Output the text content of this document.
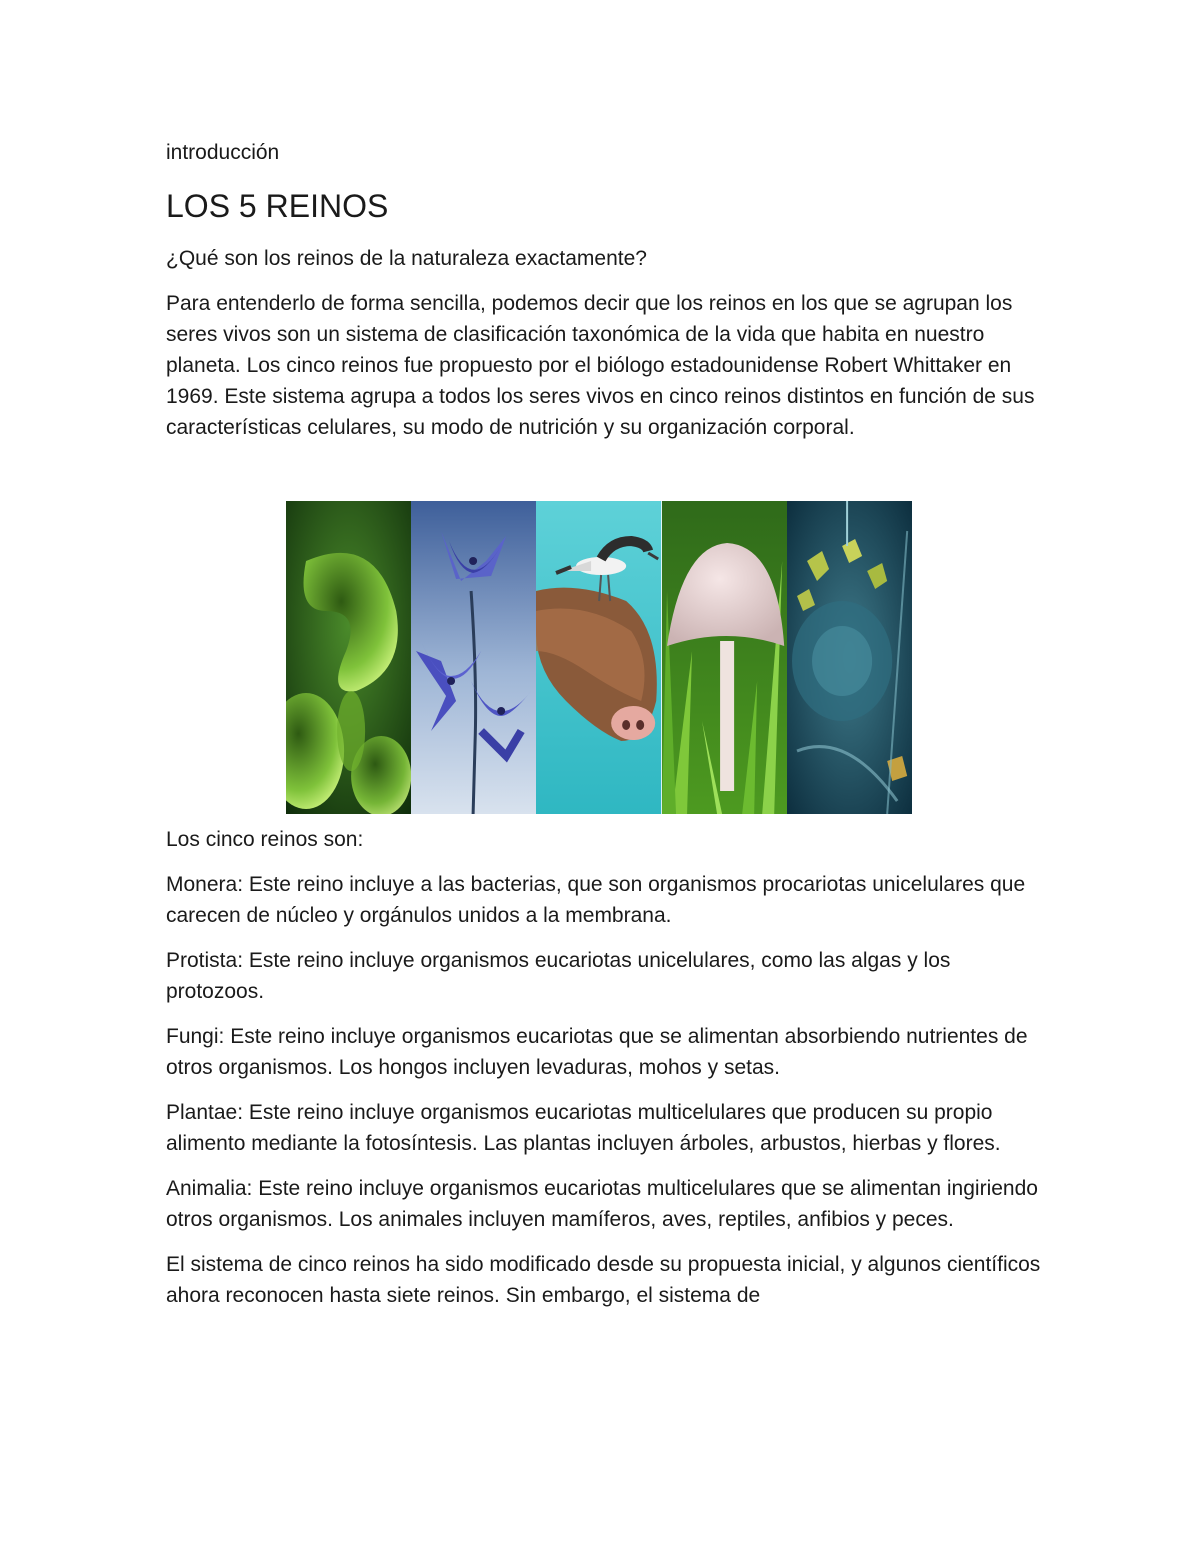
introducción
LOS 5 REINOS

¿Qué son los reinos de la naturaleza exactamente?

Para entenderlo de forma sencilla, podemos decir que los reinos en los que se agrupan los seres vivos son un sistema de clasificación taxonómica de la vida que habita en nuestro planeta. Los cinco reinos fue propuesto por el biólogo estadounidense Robert Whittaker en 1969. Este sistema agrupa a todos los seres vivos en cinco reinos distintos en función de sus características celulares, su modo de nutrición y su organización corporal.

Los cinco reinos son:

Monera: Este reino incluye a las bacterias, que son organismos procariotas unicelulares que carecen de núcleo y orgánulos unidos a la membrana.

Protista: Este reino incluye organismos eucariotas unicelulares, como las algas y los protozoos.

Fungi: Este reino incluye organismos eucariotas que se alimentan absorbiendo nutrientes de otros organismos. Los hongos incluyen levaduras, mohos y setas.

Plantae: Este reino incluye organismos eucariotas multicelulares que producen su propio alimento mediante la fotosíntesis. Las plantas incluyen árboles, arbustos, hierbas y flores.

Animalia: Este reino incluye organismos eucariotas multicelulares que se alimentan ingiriendo otros organismos. Los animales incluyen mamíferos, aves, reptiles, anfibios y peces.

El sistema de cinco reinos ha sido modificado desde su propuesta inicial, y algunos científicos ahora reconocen hasta siete reinos. Sin embargo, el sistema de
